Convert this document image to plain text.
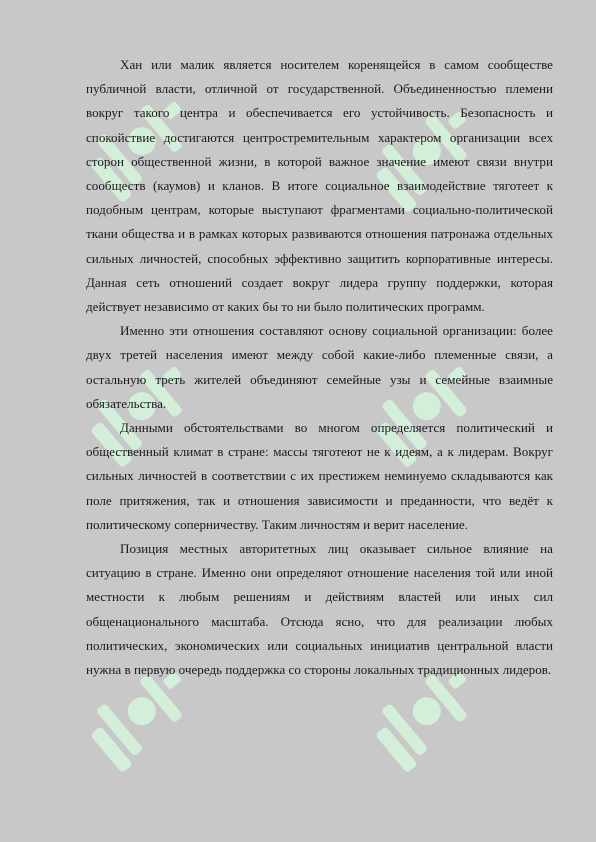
Хан или малик является носителем коренящейся в самом сообществе публичной власти, отличной от государственной. Объединенностью племени вокруг такого центра и обеспечивается его устойчивость. Безопасность и спокойствие достигаются центростремительным характером организации всех сторон общественной жизни, в которой важное значение имеют связи внутри сообществ (каумов) и кланов. В итоге социальное взаимодействие тяготеет к подобным центрам, которые выступают фрагментами социально-политической ткани общества и в рамках которых развиваются отношения патронажа отдельных сильных личностей, способных эффективно защитить корпоративные интересы. Данная сеть отношений создает вокруг лидера группу поддержки, которая действует независимо от каких бы то ни было политических программ.

Именно эти отношения составляют основу социальной организации: более двух третей населения имеют между собой какие-либо племенные связи, а остальную треть жителей объединяют семейные узы и семейные взаимные обязательства.

Данными обстоятельствами во многом определяется политический и общественный климат в стране: массы тяготеют не к идеям, а к лидерам. Вокруг сильных личностей в соответствии с их престижем неминуемо складываются как поле притяжения, так и отношения зависимости и преданности, что ведёт к политическому соперничеству. Таким личностям и верит население.

Позиция местных авторитетных лиц оказывает сильное влияние на ситуацию в стране. Именно они определяют отношение населения той или иной местности к любым решениям и действиям властей или иных сил общенационального масштаба. Отсюда ясно, что для реализации любых политических, экономических или социальных инициатив центральной власти нужна в первую очередь поддержка со стороны локальных традиционных лидеров.
